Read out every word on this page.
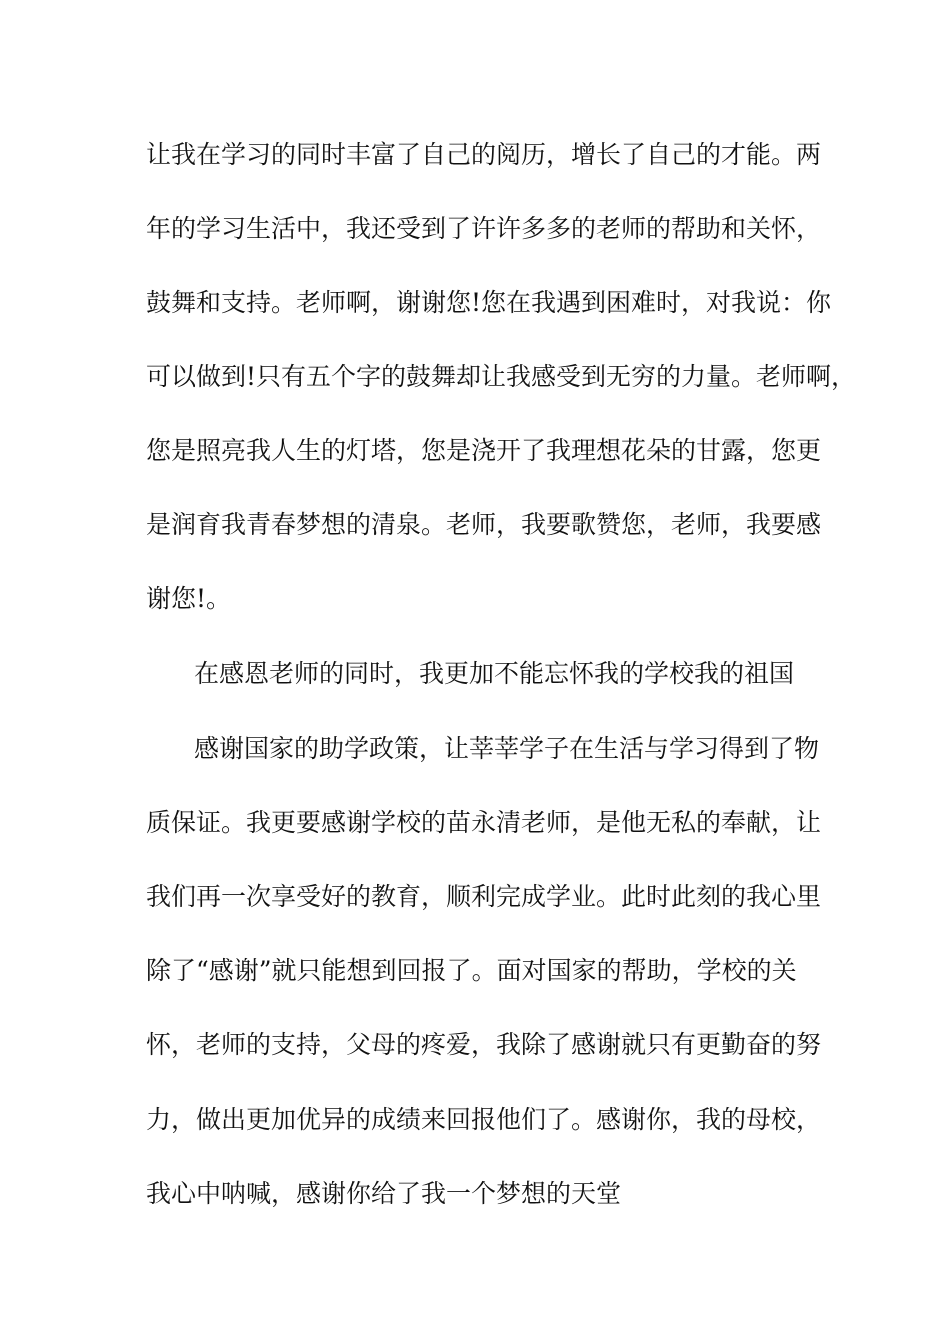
让我在学习的同时丰富了自己的阅历，增长了自己的才能。两
年的学习生活中，我还受到了许许多多的老师的帮助和关怀，
鼓舞和支持。老师啊，谢谢您!您在我遇到困难时，对我说：你
可以做到!只有五个字的鼓舞却让我感受到无穷的力量。老师啊，
您是照亮我人生的灯塔，您是浇开了我理想花朵的甘露，您更
是润育我青春梦想的清泉。老师，我要歌赞您，老师，我要感
谢您!。
在感恩老师的同时，我更加不能忘怀我的学校我的祖国
感谢国家的助学政策，让莘莘学子在生活与学习得到了物
质保证。我更要感谢学校的苗永清老师，是他无私的奉献，让
我们再一次享受好的教育，顺利完成学业。此时此刻的我心里
除了“感谢”就只能想到回报了。面对国家的帮助，学校的关
怀，老师的支持，父母的疼爱，我除了感谢就只有更勤奋的努
力，做出更加优异的成绩来回报他们了。感谢你，我的母校，
我心中呐喊，感谢你给了我一个梦想的天堂
